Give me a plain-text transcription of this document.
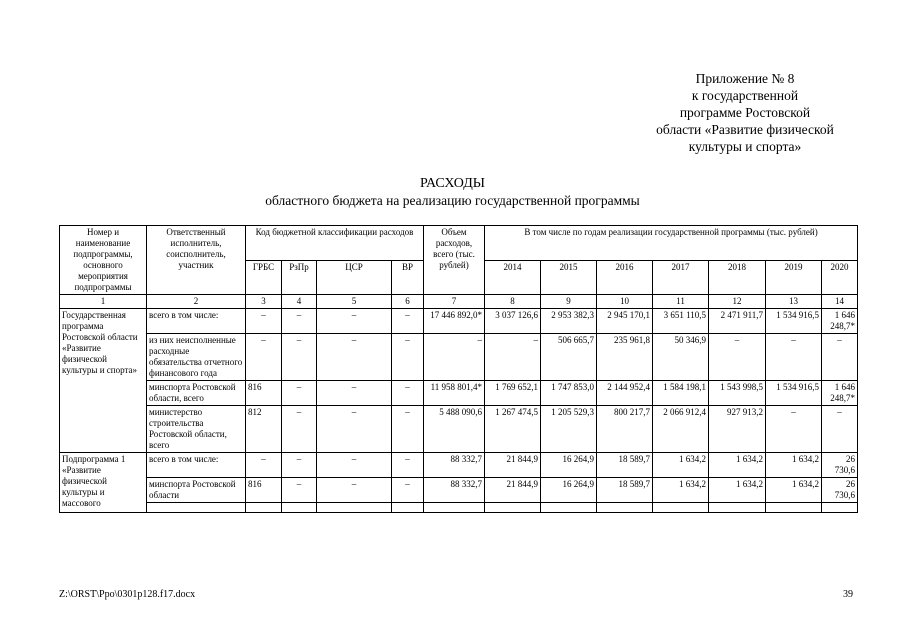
Приложение № 8
к государственной
программе Ростовской
области «Развитие физической
культуры и спорта»
РАСХОДЫ
областного бюджета на реализацию государственной программы
Номер и наименование подпрограммы, основного мероприятия подпрограммы	Ответственный исполнитель, соисполнитель, участник	Код бюджетной классификации расходов				Объем расходов, всего (тыс. рублей)	В том числе по годам реализации государственной программы (тыс. рублей)						
		ГРБС	РзПр	ЦСР	ВР		2014	2015	2016	2017	2018	2019	2020
1	2	3	4	5	6	7	8	9	10	11	12	13	14
Государственная программа Ростовской области «Развитие физической культуры и спорта»	всего в том числе:	–	–	–	–	17 446 892,0*	3 037 126,6	2 953 382,3	2 945 170,1	3 651 110,5	2 471 911,7	1 534 916,5	1 646 248,7*
	из них неисполненные расходные обязательства отчетного финансового года	–	–	–	–	–	–	506 665,7	235 961,8	50 346,9	–	–	–
	минспорта Ростовской области, всего	816	–	–	–	11 958 801,4*	1 769 652,1	1 747 853,0	2 144 952,4	1 584 198,1	1 543 998,5	1 534 916,5	1 646 248,7*
	министерство строительства Ростовской области, всего	812	–	–	–	5 488 090,6	1 267 474,5	1 205 529,3	800 217,7	2 066 912,4	927 913,2	–	–
Подпрограмма 1 «Развитие физической культуры и массового	всего в том числе:	–	–	–	–	88 332,7	21 844,9	16 264,9	18 589,7	1 634,2	1 634,2	1 634,2	26 730,6
	минспорта Ростовской области	816	–	–	–	88 332,7	21 844,9	16 264,9	18 589,7	1 634,2	1 634,2	1 634,2	26 730,6

Z:\ORST\Ppo\0301p128.f17.docx	39
